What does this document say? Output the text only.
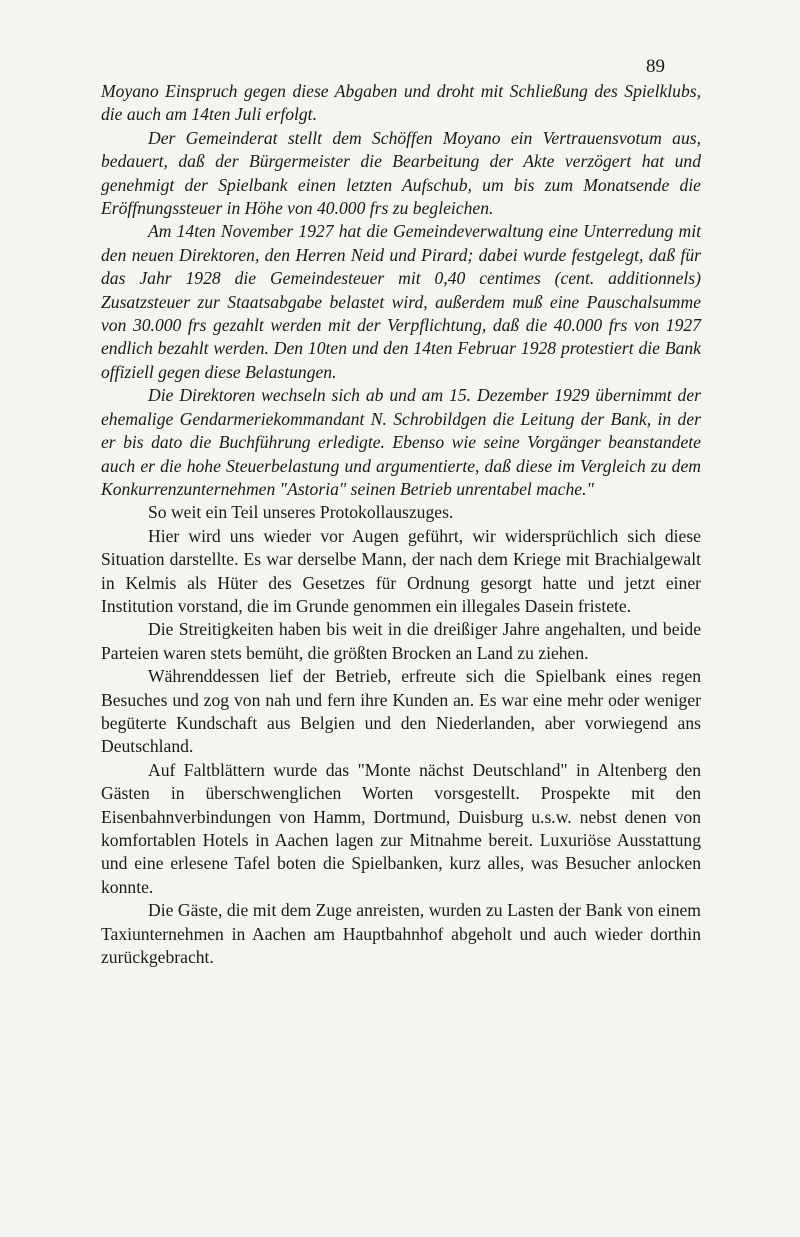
89

Moyano Einspruch gegen diese Abgaben und droht mit Schließung des Spielklubs, die auch am 14ten Juli erfolgt.

Der Gemeinderat stellt dem Schöffen Moyano ein Vertrauensvotum aus, bedauert, daß der Bürgermeister die Bearbeitung der Akte verzögert hat und genehmigt der Spielbank einen letzten Aufschub, um bis zum Monatsende die Eröffnungssteuer in Höhe von 40.000 frs zu begleichen.

Am 14ten November 1927 hat die Gemeindeverwaltung eine Unterredung mit den neuen Direktoren, den Herren Neid und Pirard; dabei wurde festgelegt, daß für das Jahr 1928 die Gemeindesteuer mit 0,40 centimes (cent. additionnels) Zusatzsteuer zur Staatsabgabe belastet wird, außerdem muß eine Pauschalsumme von 30.000 frs gezahlt werden mit der Verpflichtung, daß die 40.000 frs von 1927 endlich bezahlt werden. Den 10ten und den 14ten Februar 1928 protestiert die Bank offiziell gegen diese Belastungen.

Die Direktoren wechseln sich ab und am 15. Dezember 1929 übernimmt der ehemalige Gendarmeriekommandant N. Schrobildgen die Leitung der Bank, in der er bis dato die Buchführung erledigte. Ebenso wie seine Vorgänger beanstandete auch er die hohe Steuerbelastung und argumentierte, daß diese im Vergleich zu dem Konkurrenzunternehmen "Astoria" seinen Betrieb unrentabel mache."

So weit ein Teil unseres Protokollauszuges.

Hier wird uns wieder vor Augen geführt, wir widersprüchlich sich diese Situation darstellte. Es war derselbe Mann, der nach dem Kriege mit Brachialgewalt in Kelmis als Hüter des Gesetzes für Ordnung gesorgt hatte und jetzt einer Institution vorstand, die im Grunde genommen ein illegales Dasein fristete.

Die Streitigkeiten haben bis weit in die dreißiger Jahre angehalten, und beide Parteien waren stets bemüht, die größten Brocken an Land zu ziehen.

Währenddessen lief der Betrieb, erfreute sich die Spielbank eines regen Besuches und zog von nah und fern ihre Kunden an. Es war eine mehr oder weniger begüterte Kundschaft aus Belgien und den Niederlanden, aber vorwiegend ans Deutschland.

Auf Faltblättern wurde das "Monte nächst Deutschland" in Altenberg den Gästen in überschwenglichen Worten vorsgestellt. Prospekte mit den Eisenbahnverbindungen von Hamm, Dortmund, Duisburg u.s.w. nebst denen von komfortablen Hotels in Aachen lagen zur Mitnahme bereit. Luxuriöse Ausstattung und eine erlesene Tafel boten die Spielbanken, kurz alles, was Besucher anlocken konnte.

Die Gäste, die mit dem Zuge anreisten, wurden zu Lasten der Bank von einem Taxiunternehmen in Aachen am Hauptbahnhof abgeholt und auch wieder dorthin zurückgebracht.
